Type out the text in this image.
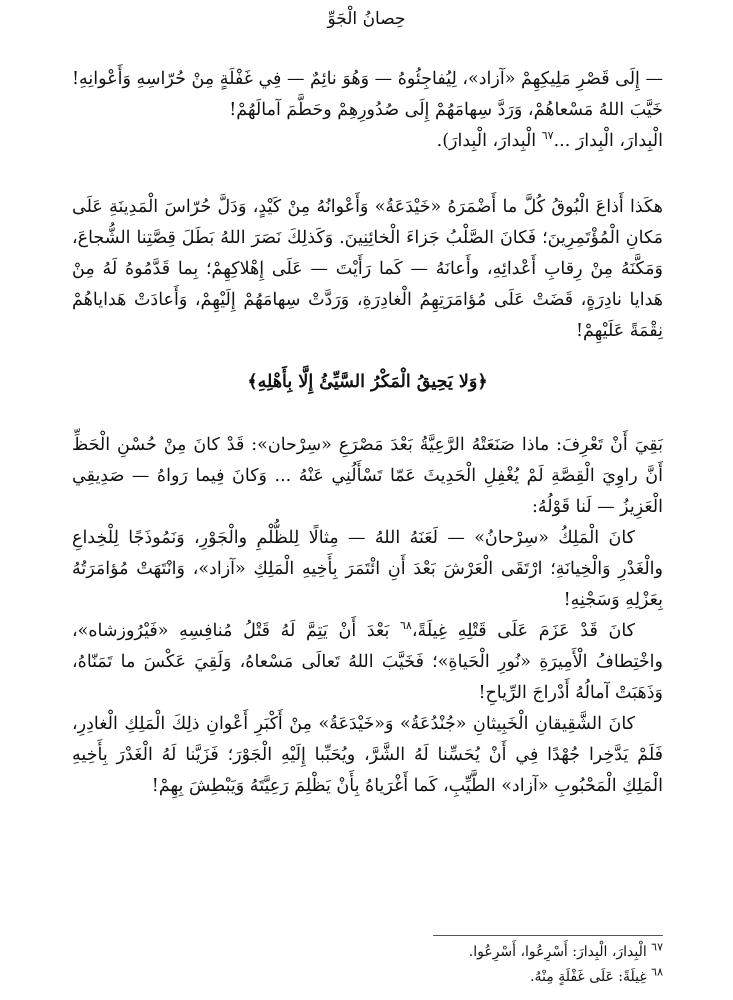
حِصانُ الْجَوِّ

— إِلَى قَصْرِ مَلِيكِهِمْ «آزاد»، لِيُفاجِئُوهُ — وَهُوَ نائِمٌ — فِي غَفْلَةٍ مِنْ حُرّاسِهِ وَأَعْوانِهِ! خَيَّبَ اللهُ مَسْعاهُمْ، وَرَدَّ سِهامَهُمْ إِلَى صُدُورِهِمْ وحَطَّمَ آمالَهُمْ!

الْبِدارَ، الْبِدارَ ...$^{٦٧}$ الْبِدارَ، الْبِدارَ).

هكَذا أَذاعَ الْبُوقُ كُلَّ ما أَضْمَرَهُ «خَيْدَعَةُ» وَأَعْوانُهُ مِنْ كَيْدٍ، وَدَلَّ حُرّاسَ الْمَدِينَةِ عَلَى مَكانِ الْمُؤْتَمِرِينَ؛ فَكانَ الصَّلْبُ جَزاءَ الْخائِنِينَ. وَكَذلِكَ نَصَرَ اللهُ بَطَلَ قِصَّتِنا الشُّجاعَ، وَمَكَّنَهُ مِنْ رِقابِ أَعْدائِهِ، وأَعانَهُ — كَما رَأَيْتَ — عَلَى إِهْلاكِهِمْ؛ بِما قَدَّمُوهُ لَهُ مِنْ هَدايا نادِرَةٍ، قَضَتْ عَلَى مُؤامَرَتِهِمُ الْغادِرَةِ، وَرَدَّتْ سِهامَهُمْ إِلَيْهِمْ، وَأَعادَتْ هَداياهُمْ نِقْمَةً عَلَيْهِمْ!

﴿وَلا يَحِيقُ الْمَكْرُ السَّيِّئُ إِلَّا بِأَهْلِهِ﴾

بَقِيَ أَنْ تَعْرِفَ: ماذا صَنَعَتْهُ الرَّعِيَّةُ بَعْدَ مَصْرَعِ «سِرْحان»: قَدْ كانَ مِنْ حُسْنِ الْحَظِّ أَنَّ راوِيَ الْقِصَّةِ لَمْ يُغْفِلِ الْحَدِيثَ عَمّا تَسْأَلُنِي عَنْهُ ... وَكانَ فِيما رَواهُ — صَدِيقِي الْعَزِيزُ — لَنا قَوْلُهُ:

كانَ الْمَلِكُ «سِرْحانُ» — لَعَنَهُ اللهُ — مِثالًا لِلظُّلْمِ والْجَوْرِ، وَنَمُوذَجًا لِلْخِداعِ والْغَدْرِ وَالْخِيانَةِ؛ ارْتَقَى الْعَرْشَ بَعْدَ أَنِ ائْتَمَرَ بِأَخِيهِ الْمَلِكِ «آزاد»، وَانْتَهَتْ مُؤامَرَتُهُ بِعَزْلِهِ وَسَجْنِهِ!

كانَ قَدْ عَزَمَ عَلَى قَتْلِهِ غِيلَةً،$^{٦٨}$ بَعْدَ أَنْ يَتِمَّ لَهُ قَتْلُ مُنافِسِهِ «فَيْرُوزشاه»، واخْتِطافُ الْأَمِيرَةِ «نُورِ الْحَياةِ»؛ فَخَيَّبَ اللهُ تَعالَى مَسْعاهُ، وَلَقِيَ عَكْسَ ما تَمَنّاهُ، وَذَهَبَتْ آمالُهُ أَدْراجَ الرِّياحِ!

كانَ الشَّقِيقانِ الْخَبِيثانِ «جُنْدُعَةُ» وَ«خَيْدَعَةُ» مِنْ أَكْبَرِ أَعْوانِ ذلِكَ الْمَلِكِ الْغادِرِ، فَلَمْ يَدَّخِرا جُهْدًا فِي أَنْ يُحَسِّنا لَهُ الشَّرَّ، ويُحَبِّبا إِلَيْهِ الْجَوْرَ؛ فَزَيَّنا لَهُ الْغَدْرَ بِأَخِيهِ الْمَلِكِ الْمَحْبُوبِ «آزاد» الطَّيِّبِ، كَما أَغْرَياهُ بِأَنْ يَظْلِمَ رَعِيَّتَهُ وَيَبْطِشَ بِهِمْ!

$^{٦٧}$ الْبِدارَ، الْبِدارَ: أَسْرِعُوا، أَسْرِعُوا.

$^{٦٨}$ غِيلَةً: عَلَى غَفْلَةٍ مِنْهُ.
